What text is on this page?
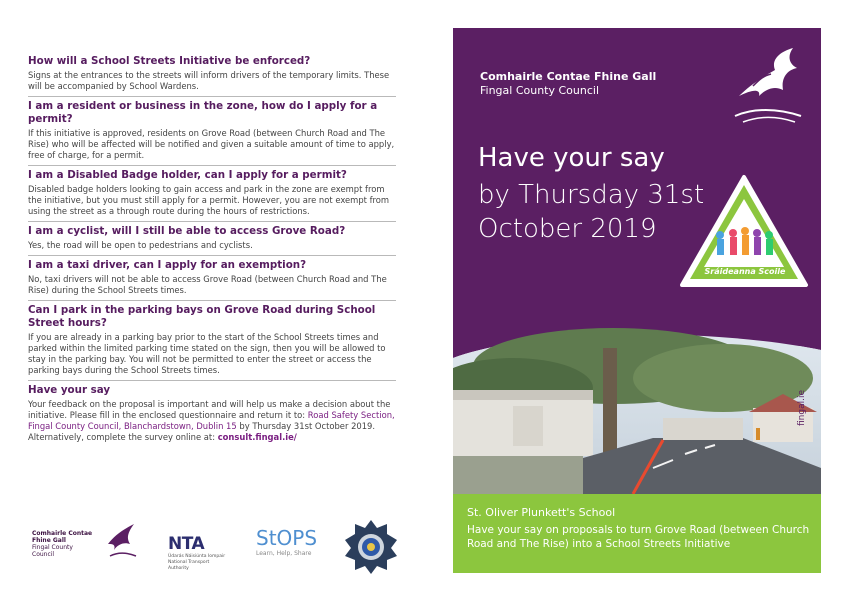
How will a School Streets Initiative be enforced?

Signs at the entrances to the streets will inform drivers of the temporary limits. These will be accompanied by School Wardens.

I am a resident or business in the zone, how do I apply for a permit?

If this initiative is approved, residents on Grove Road (between Church Road and The Rise) who will be affected will be notified and given a suitable amount of time to apply, free of charge, for a permit.

I am a Disabled Badge holder, can I apply for a permit?

Disabled badge holders looking to gain access and park in the zone are exempt from the initiative, but you must still apply for a permit. However, you are not exempt from using the street as a through route during the hours of restrictions.

I am a cyclist, will I still be able to access Grove Road?

Yes, the road will be open to pedestrians and cyclists.

I am a taxi driver, can I apply for an exemption?

No, taxi drivers will not be able to access Grove Road (between Church Road and The Rise) during the School Streets times.

Can I park in the parking bays on Grove Road during School Street hours?

If you are already in a parking bay prior to the start of the School Streets times and parked within the limited parking time stated on the sign, then you will be allowed to stay in the parking bay. You will not be permitted to enter the street or access the parking bays during the School Streets times.

Have your say

Your feedback on the proposal is important and will help us make a decision about the initiative. Please fill in the enclosed questionnaire and return it to: Road Safety Section, Fingal County Council, Blanchardstown, Dublin 15 by Thursday 31st October 2019. Alternatively, complete the survey online at: consult.fingal.ie/

Comhairle Contae
Fhine Gall
Fingal County
Council
NTA
Údarás Náisiúnta Iompair
National Transport Authority
StOPS
Learn, Help, Share
Comhairle Contae Fhine Gall
Fingal County Council
Have your say
by Thursday 31st October 2019
Sráideanna Scoile
School Streets
fingal.ie
St. Oliver Plunkett's School
Have your say on proposals to turn Grove Road (between Church Road and The Rise) into a School Streets Initiative
